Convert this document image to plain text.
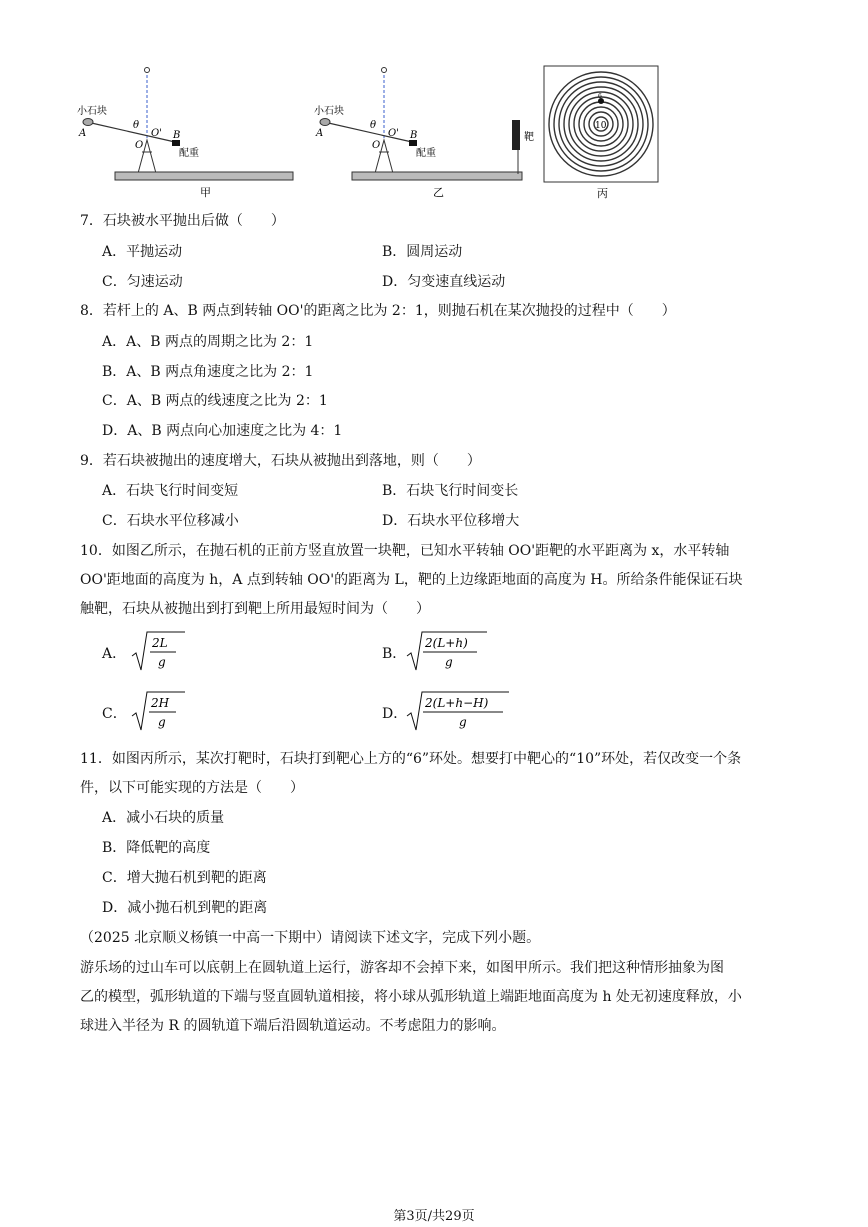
小石块
A
θ
O'
O
B
配重
甲
小石块
A
θ
O'
O
B
配重
靶
乙
10
6
丙
7．石块被水平抛出后做（　　）
A．平抛运动	B．圆周运动
C．匀速运动	D．匀变速直线运动
8．若杆上的 A、B 两点到转轴 OO'的距离之比为 2：1，则抛石机在某次抛投的过程中（　　）
A．A、B 两点的周期之比为 2：1
B．A、B 两点角速度之比为 2：1
C．A、B 两点的线速度之比为 2：1
D．A、B 两点向心加速度之比为 4：1
9．若石块被抛出的速度增大，石块从被抛出到落地，则（　　）
A．石块飞行时间变短	B．石块飞行时间变长
C．石块水平位移减小	D．石块水平位移增大
10．如图乙所示，在抛石机的正前方竖直放置一块靶，已知水平转轴 OO'距靶的水平距离为 x，水平转轴
OO'距地面的高度为 h，A 点到转轴 OO'的距离为 L，靶的上边缘距地面的高度为 H。所给条件能保证石块
触靶，石块从被抛出到打到靶上所用最短时间为（　　）
A．
2L
g	B．
2(L+h)
g
C．
2H
g	D．
2(L+h−H)
g
11．如图丙所示，某次打靶时，石块打到靶心上方的“6”环处。想要打中靶心的“10”环处，若仅改变一个条
件，以下可能实现的方法是（　　）
A．减小石块的质量
B．降低靶的高度
C．增大抛石机到靶的距离
D．减小抛石机到靶的距离
（2025 北京顺义杨镇一中高一下期中）请阅读下述文字，完成下列小题。
游乐场的过山车可以底朝上在圆轨道上运行，游客却不会掉下来，如图甲所示。我们把这种情形抽象为图
乙的模型，弧形轨道的下端与竖直圆轨道相接，将小球从弧形轨道上端距地面高度为 h 处无初速度释放，小
球进入半径为 R 的圆轨道下端后沿圆轨道运动。不考虑阻力的影响。
第3页/共29页
